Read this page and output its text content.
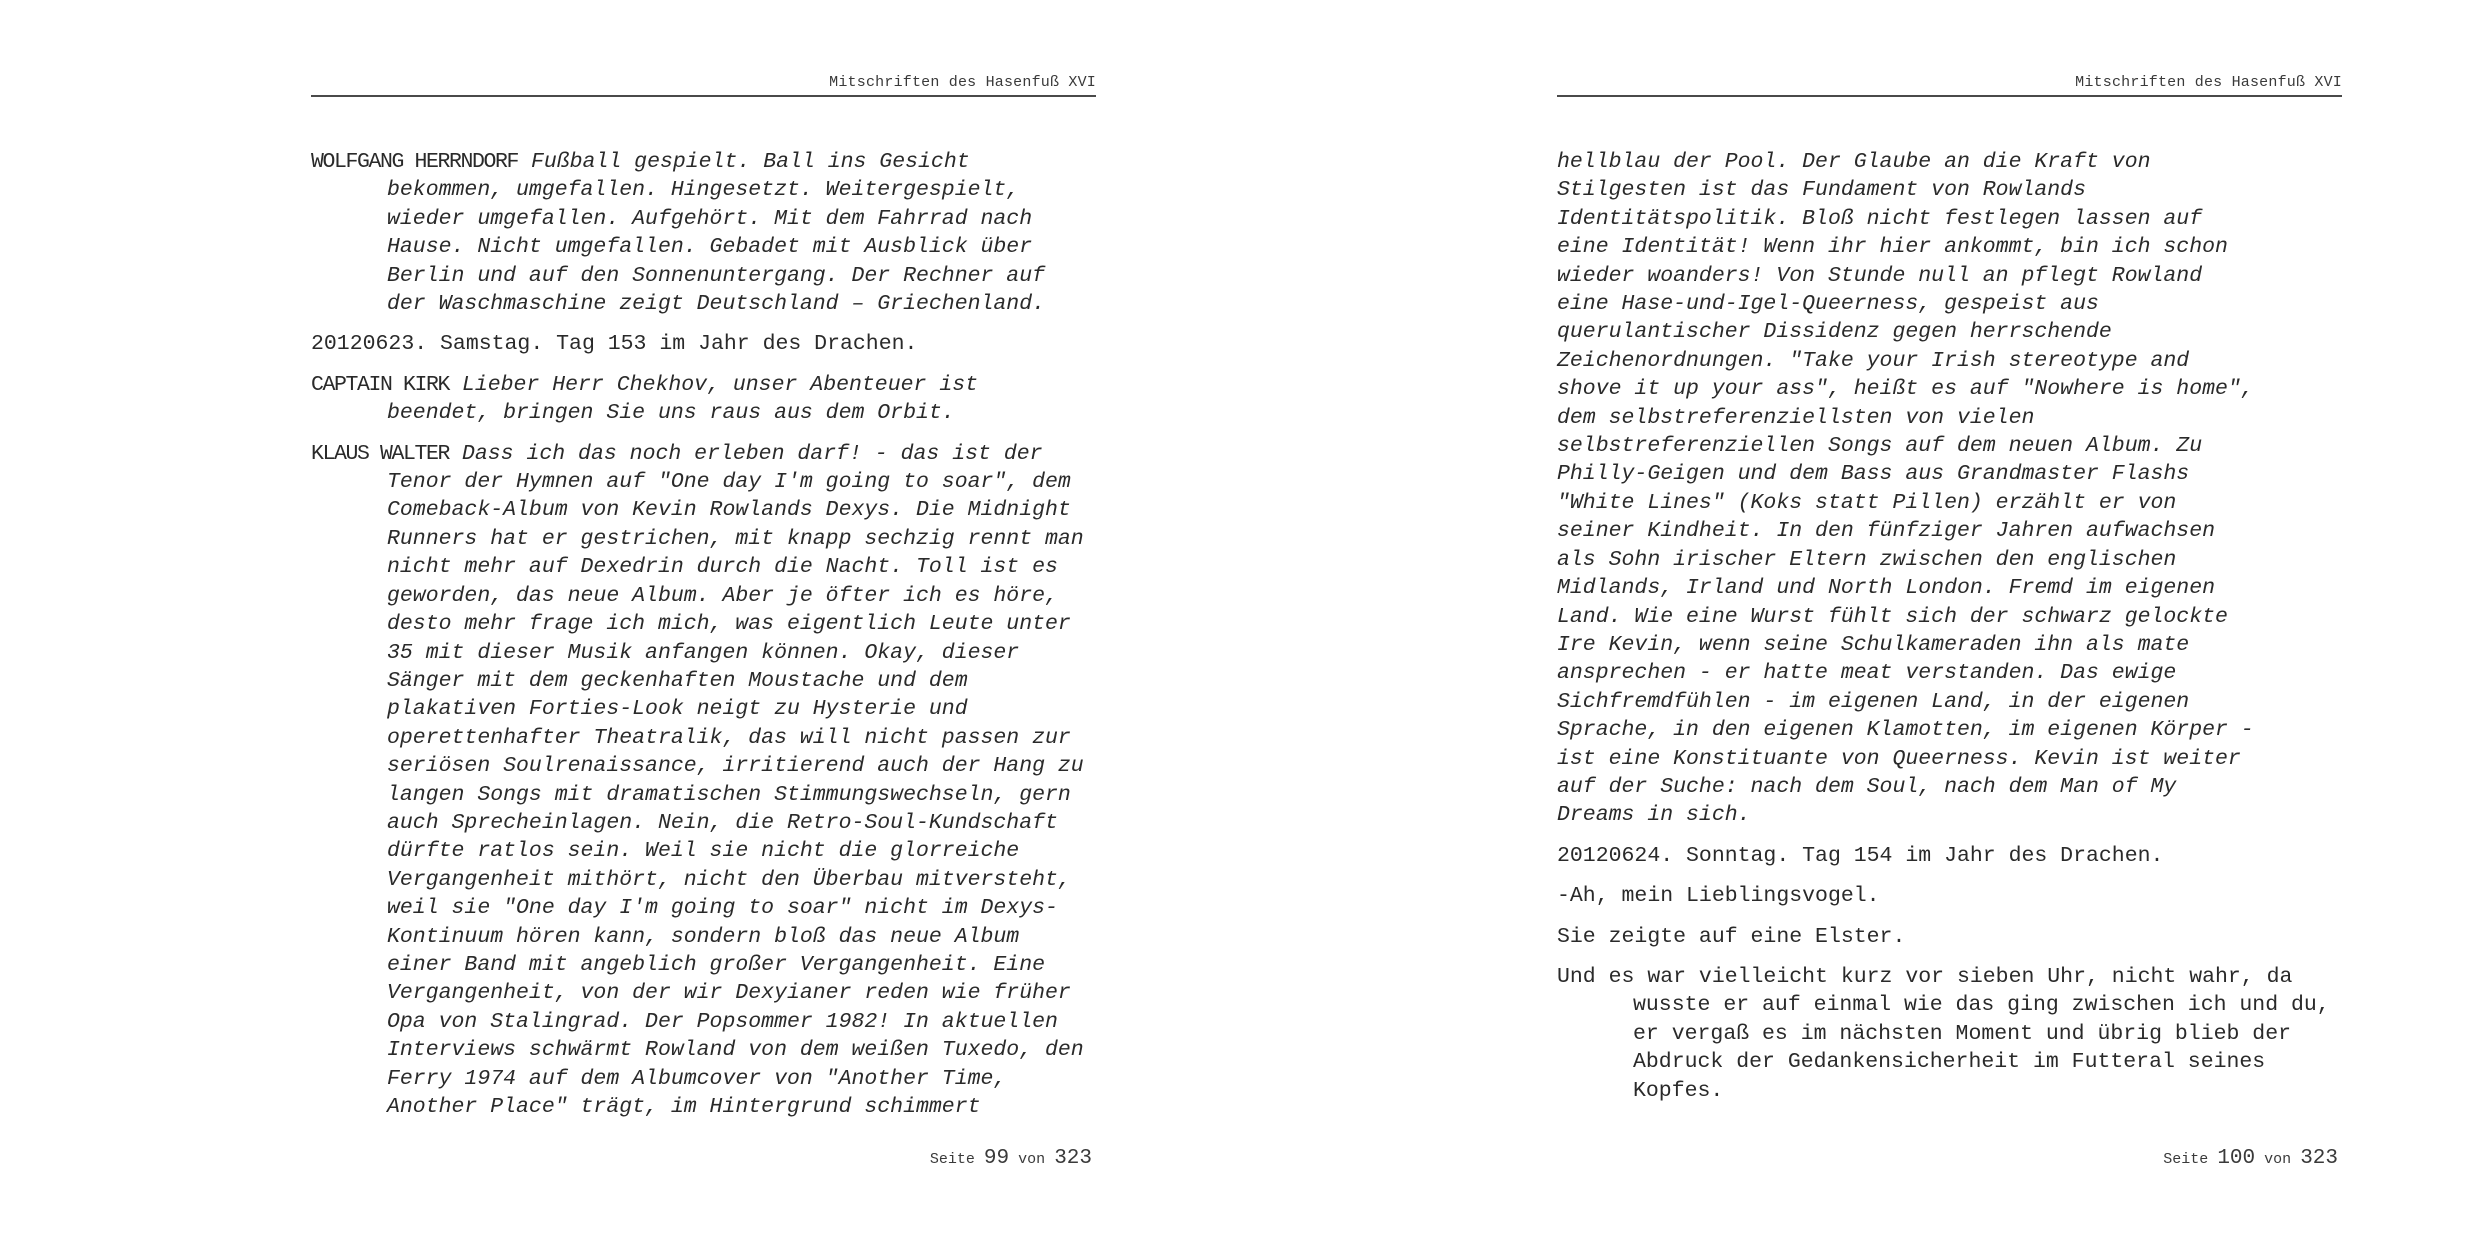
Mitschriften des Hasenfuß XVI

WOLFGANG HERRNDORF Fußball gespielt. Ball ins Gesicht
bekommen, umgefallen. Hingesetzt. Weitergespielt,
wieder umgefallen. Aufgehört. Mit dem Fahrrad nach
Hause. Nicht umgefallen. Gebadet mit Ausblick über
Berlin und auf den Sonnenuntergang. Der Rechner auf
der Waschmaschine zeigt Deutschland – Griechenland.

20120623. Samstag. Tag 153 im Jahr des Drachen.

CAPTAIN KIRK Lieber Herr Chekhov, unser Abenteuer ist
beendet, bringen Sie uns raus aus dem Orbit.

KLAUS WALTER Dass ich das noch erleben darf! - das ist der
Tenor der Hymnen auf "One day I'm going to soar", dem
Comeback-Album von Kevin Rowlands Dexys. Die Midnight
Runners hat er gestrichen, mit knapp sechzig rennt man
nicht mehr auf Dexedrin durch die Nacht. Toll ist es
geworden, das neue Album. Aber je öfter ich es höre,
desto mehr frage ich mich, was eigentlich Leute unter
35 mit dieser Musik anfangen können. Okay, dieser
Sänger mit dem geckenhaften Moustache und dem
plakativen Forties-Look neigt zu Hysterie und
operettenhafter Theatralik, das will nicht passen zur
seriösen Soulrenaissance, irritierend auch der Hang zu
langen Songs mit dramatischen Stimmungswechseln, gern
auch Sprecheinlagen. Nein, die Retro-Soul-Kundschaft
dürfte ratlos sein. Weil sie nicht die glorreiche
Vergangenheit mithört, nicht den Überbau mitversteht,
weil sie "One day I'm going to soar" nicht im Dexys-
Kontinuum hören kann, sondern bloß das neue Album
einer Band mit angeblich großer Vergangenheit. Eine
Vergangenheit, von der wir Dexyianer reden wie früher
Opa von Stalingrad. Der Popsommer 1982! In aktuellen
Interviews schwärmt Rowland von dem weißen Tuxedo, den
Ferry 1974 auf dem Albumcover von "Another Time,
Another Place" trägt, im Hintergrund schimmert

Seite 99 von 323
Mitschriften des Hasenfuß XVI

hellblau der Pool. Der Glaube an die Kraft von
Stilgesten ist das Fundament von Rowlands
Identitätspolitik. Bloß nicht festlegen lassen auf
eine Identität! Wenn ihr hier ankommt, bin ich schon
wieder woanders! Von Stunde null an pflegt Rowland
eine Hase-und-Igel-Queerness, gespeist aus
querulantischer Dissidenz gegen herrschende
Zeichenordnungen. "Take your Irish stereotype and
shove it up your ass", heißt es auf "Nowhere is home",
dem selbstreferenziellsten von vielen
selbstreferenziellen Songs auf dem neuen Album. Zu
Philly-Geigen und dem Bass aus Grandmaster Flashs
"White Lines" (Koks statt Pillen) erzählt er von
seiner Kindheit. In den fünfziger Jahren aufwachsen
als Sohn irischer Eltern zwischen den englischen
Midlands, Irland und North London. Fremd im eigenen
Land. Wie eine Wurst fühlt sich der schwarz gelockte
Ire Kevin, wenn seine Schulkameraden ihn als mate
ansprechen - er hatte meat verstanden. Das ewige
Sichfremdfühlen - im eigenen Land, in der eigenen
Sprache, in den eigenen Klamotten, im eigenen Körper -
ist eine Konstituante von Queerness. Kevin ist weiter
auf der Suche: nach dem Soul, nach dem Man of My
Dreams in sich.

20120624. Sonntag. Tag 154 im Jahr des Drachen.

-Ah, mein Lieblingsvogel.

Sie zeigte auf eine Elster.

Und es war vielleicht kurz vor sieben Uhr, nicht wahr, da
wusste er auf einmal wie das ging zwischen ich und du,
er vergaß es im nächsten Moment und übrig blieb der
Abdruck der Gedankensicherheit im Futteral seines
Kopfes.

Seite 100 von 323
